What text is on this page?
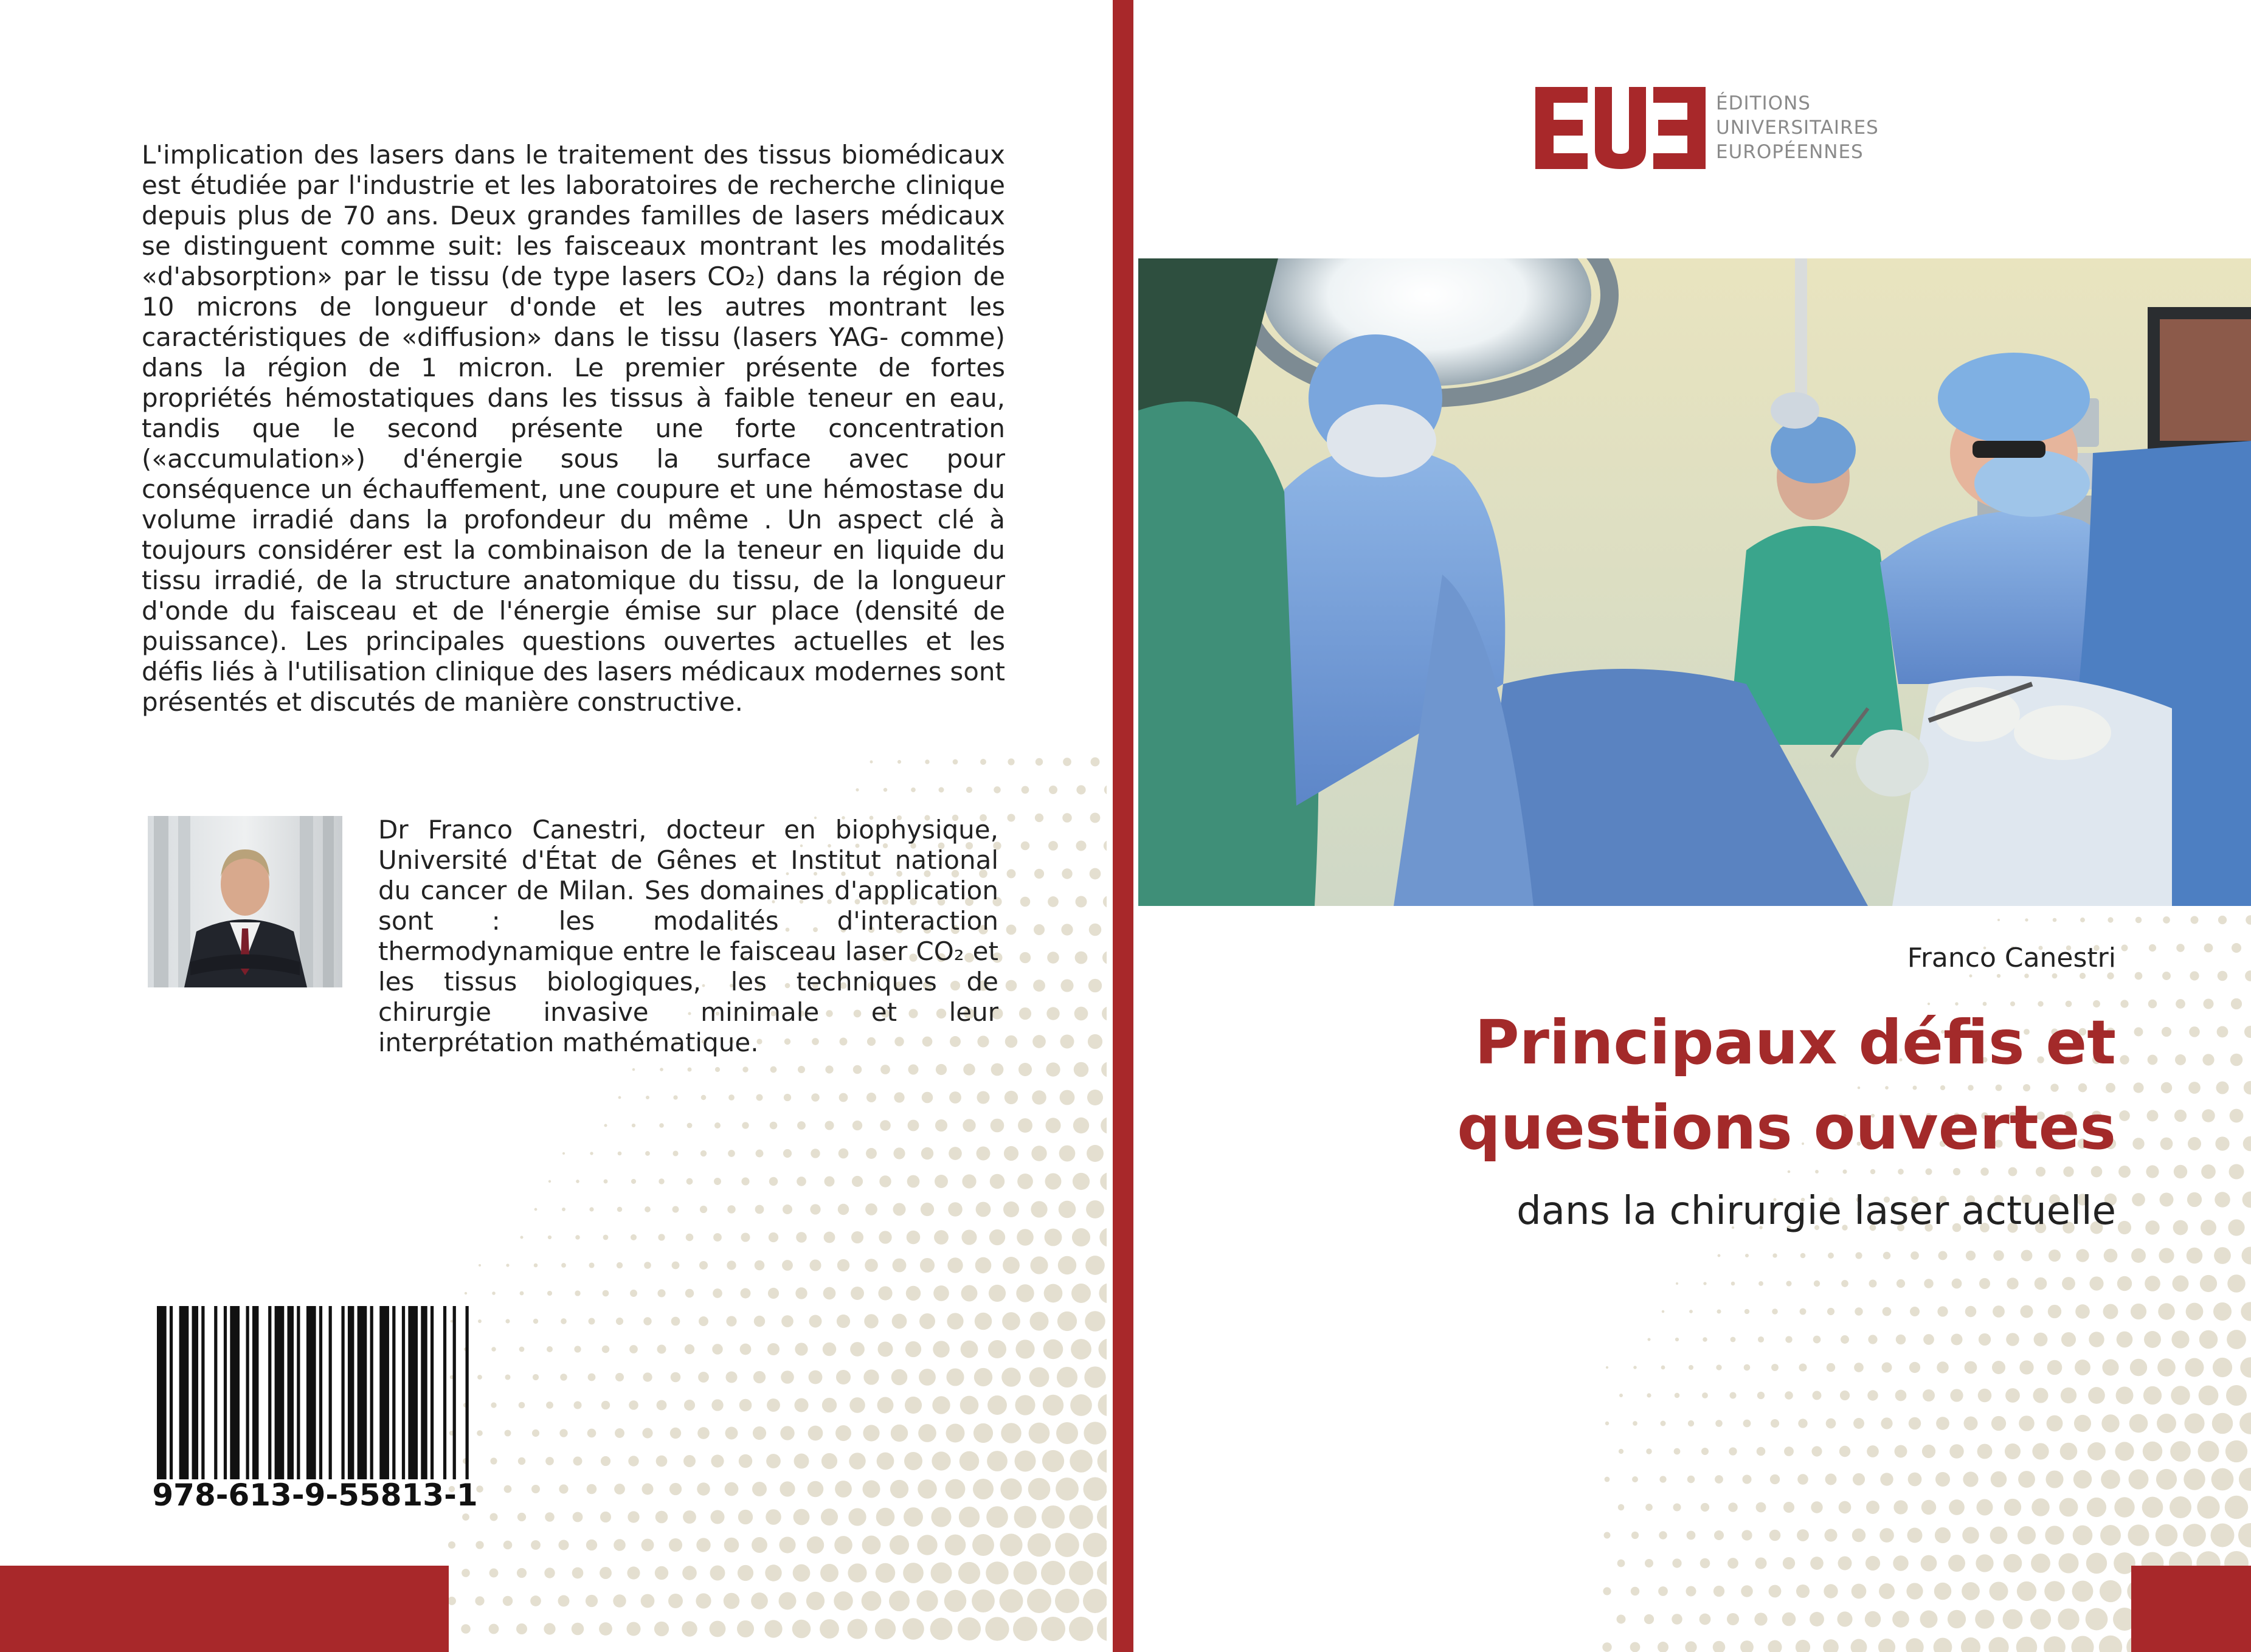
L'implication des lasers dans le traitement des tissus biomédicaux est étudiée par l'industrie et les laboratoires de recherche clinique depuis plus de 70 ans. Deux grandes familles de lasers médicaux se distinguent comme suit: les faisceaux montrant les modalités «d'absorption» par le tissu (de type lasers CO₂) dans la région de 10 microns de longueur d'onde et les autres montrant les caractéristiques de «diffusion» dans le tissu (lasers YAG- comme) dans la région de 1 micron. Le premier présente de fortes propriétés hémostatiques dans les tissus à faible teneur en eau, tandis que le second présente une forte concentration («accumulation») d'énergie sous la surface avec pour conséquence un échauffement, une coupure et une hémostase du volume irradié dans la profondeur du même . Un aspect clé à toujours considérer est la combinaison de la teneur en liquide du tissu irradié, de la structure anatomique du tissu, de la longueur d'onde du faisceau et de l'énergie émise sur place (densité de puissance). Les principales questions ouvertes actuelles et les défis liés à l'utilisation clinique des lasers médicaux modernes sont présentés et discutés de manière constructive.
Dr Franco Canestri, docteur en biophysique, Université d'État de Gênes et Institut national du cancer de Milan. Ses domaines d'application sont : les modalités d'interaction thermodynamique entre le faisceau laser CO₂ et les tissus biologiques, les techniques de chirurgie invasive minimale et leur interprétation mathématique.
978-613-9-55813-1
ÉDITIONS
UNIVERSITAIRES
EUROPÉENNES
Franco Canestri
Principaux défis et
questions ouvertes
dans la chirurgie laser actuelle
